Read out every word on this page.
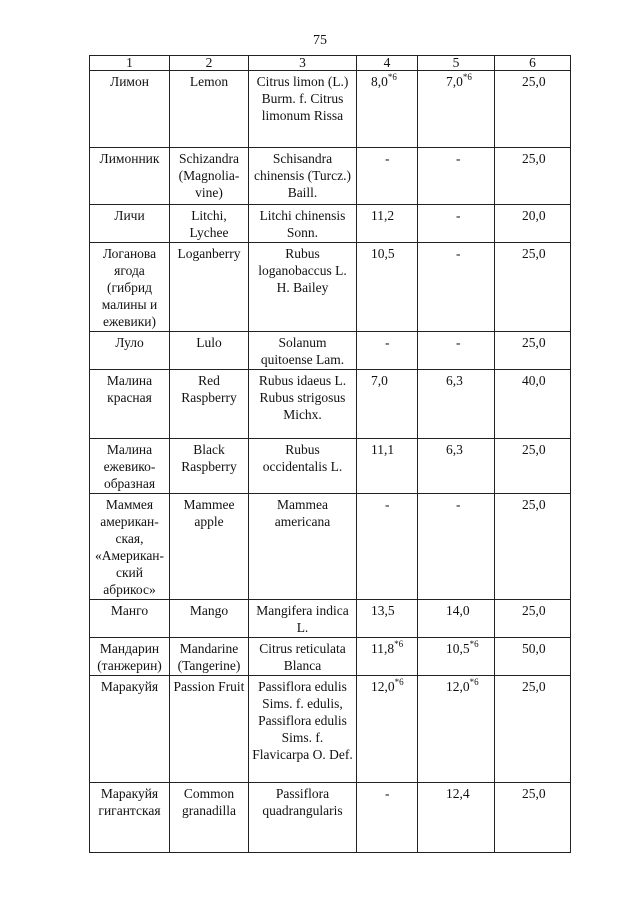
75
1	2	3	4	5	6
Лимон	Lemon	Citrus limon (L.) Burm. f. Citrus limonum Rissa	8,0$^{*6}$	7,0$^{*6}$	25,0
Лимонник	Schizandra (Magnolia-vine)	Schisandra chinensis (Turcz.) Baill.	-	-	25,0
Личи	Litchi, Lychee	Litchi chinensis Sonn.	11,2	-	20,0
Логанова ягода (гибрид малины и ежевики)	Loganberry	Rubus loganobaccus L. H. Bailey	10,5	-	25,0
Луло	Lulo	Solanum quitoense Lam.	-	-	25,0
Малина красная	Red Raspberry	Rubus idaeus L. Rubus strigosus Michx.	7,0	6,3	40,0
Малина ежевико-образная	Black Raspberry	Rubus occidentalis L.	11,1	6,3	25,0
Маммея американ-ская, «Американ-ский абрикос»	Mammee apple	Mammea americana	-	-	25,0
Манго	Mango	Mangifera indica L.	13,5	14,0	25,0
Мандарин (танжерин)	Mandarine (Tangerine)	Citrus reticulata Blanca	11,8$^{*6}$	10,5$^{*6}$	50,0
Маракуйя	Passion Fruit	Passiflora edulis Sims. f. edulis, Passiflora edulis Sims. f. Flavicarpa O. Def.	12,0$^{*6}$	12,0$^{*6}$	25,0
Маракуйя гигантская	Common granadilla	Passiflora quadrangularis	-	12,4	25,0
